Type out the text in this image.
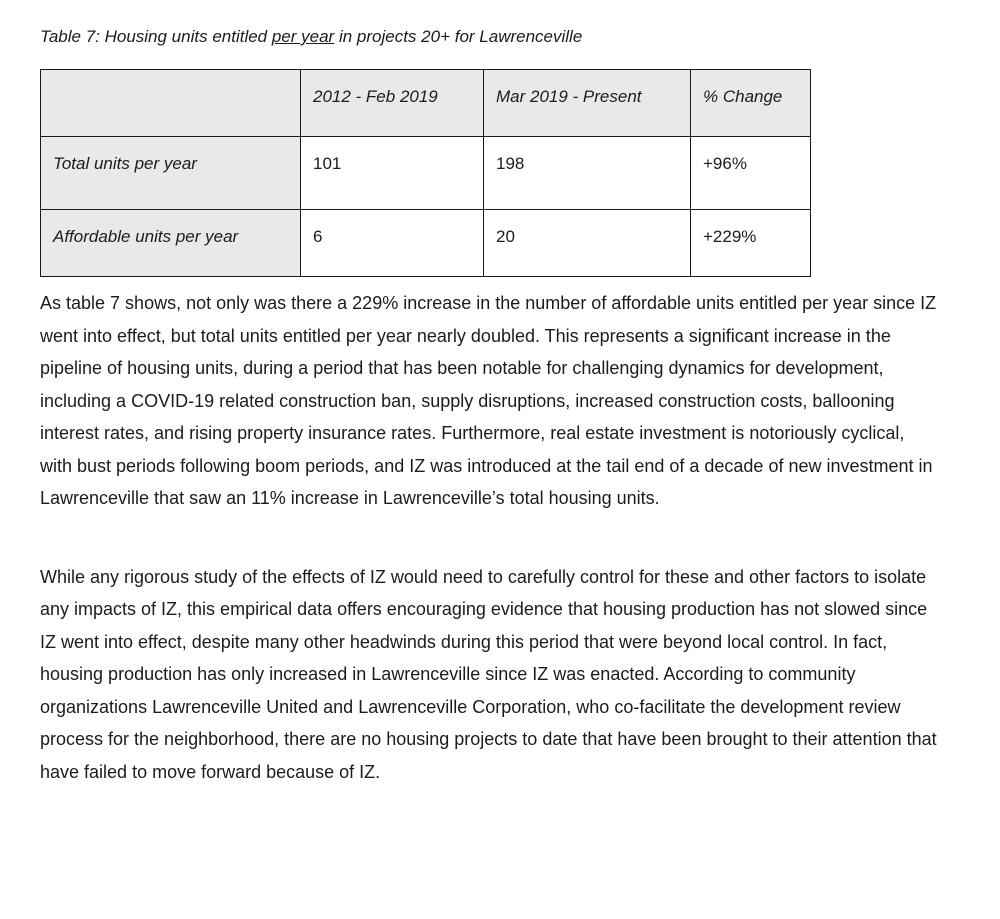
Table 7: Housing units entitled per year in projects 20+ for Lawrenceville

	2012 - Feb 2019	Mar 2019 - Present	% Change
Total units per year	101	198	+96%
Affordable units per year	6	20	+229%

As table 7 shows, not only was there a 229% increase in the number of affordable units entitled per year since IZ went into effect, but total units entitled per year nearly doubled. This represents a significant increase in the pipeline of housing units, during a period that has been notable for challenging dynamics for development, including a COVID-19 related construction ban, supply disruptions, increased construction costs, ballooning interest rates, and rising property insurance rates. Furthermore, real estate investment is notoriously cyclical, with bust periods following boom periods, and IZ was introduced at the tail end of a decade of new investment in Lawrenceville that saw an 11% increase in Lawrenceville’s total housing units.

While any rigorous study of the effects of IZ would need to carefully control for these and other factors to isolate any impacts of IZ, this empirical data offers encouraging evidence that housing production has not slowed since IZ went into effect, despite many other headwinds during this period that were beyond local control. In fact, housing production has only increased in Lawrenceville since IZ was enacted. According to community organizations Lawrenceville United and Lawrenceville Corporation, who co-facilitate the development review process for the neighborhood, there are no housing projects to date that have been brought to their attention that have failed to move forward because of IZ.
